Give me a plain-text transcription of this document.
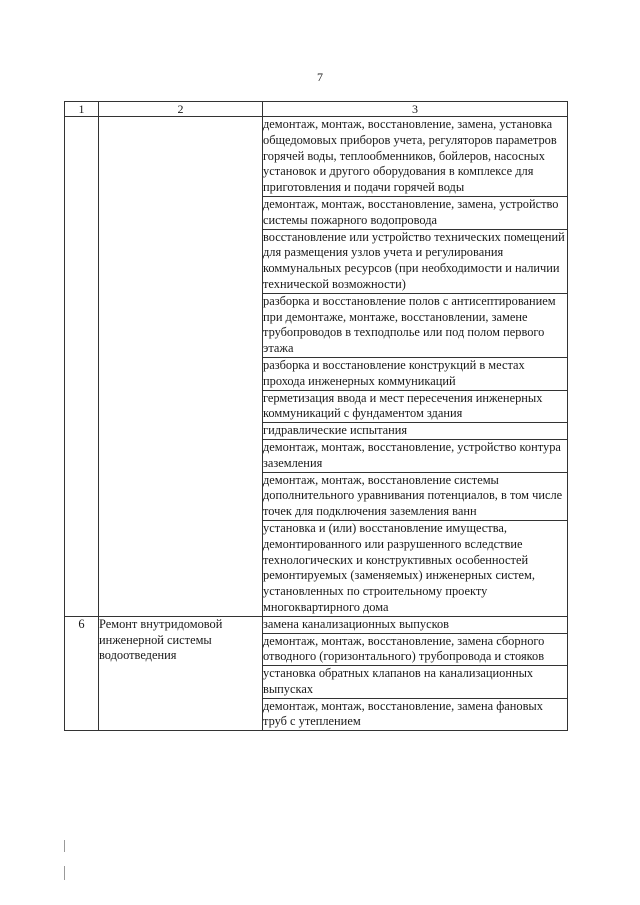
7
1	2	3
		демонтаж, монтаж, восстановление, замена, установка общедомовых приборов учета, регуляторов параметров горячей воды, теплообменников, бойлеров, насосных установок и другого оборудования в комплексе для приготовления и подачи горячей воды
		демонтаж, монтаж, восстановление, замена, устройство системы пожарного водопровода
		восстановление или устройство технических помещений для размещения узлов учета и регулирования коммунальных ресурсов (при необходимости и наличии технической возможности)
		разборка и восстановление полов с антисептированием при демонтаже, монтаже, восстановлении, замене трубопроводов в техподполье или под полом первого этажа
		разборка и восстановление конструкций в местах прохода инженерных коммуникаций
		герметизация ввода и мест пересечения инженерных коммуникаций с фундаментом здания
		гидравлические испытания
		демонтаж, монтаж, восстановление, устройство контура заземления
		демонтаж, монтаж, восстановление системы дополнительного уравнивания потенциалов, в том числе точек для подключения заземления ванн
		установка и (или) восстановление имущества, демонтированного или разрушенного вследствие технологических и конструктивных особенностей ремонтируемых (заменяемых) инженерных систем, установленных по строительному проекту многоквартирного дома
6	Ремонт внутридомовой инженерной системы водоотведения	замена канализационных выпусков
		демонтаж, монтаж, восстановление, замена сборного отводного (горизонтального) трубопровода и стояков
		установка обратных клапанов на канализационных выпусках
		демонтаж, монтаж, восстановление, замена фановых труб с утеплением
